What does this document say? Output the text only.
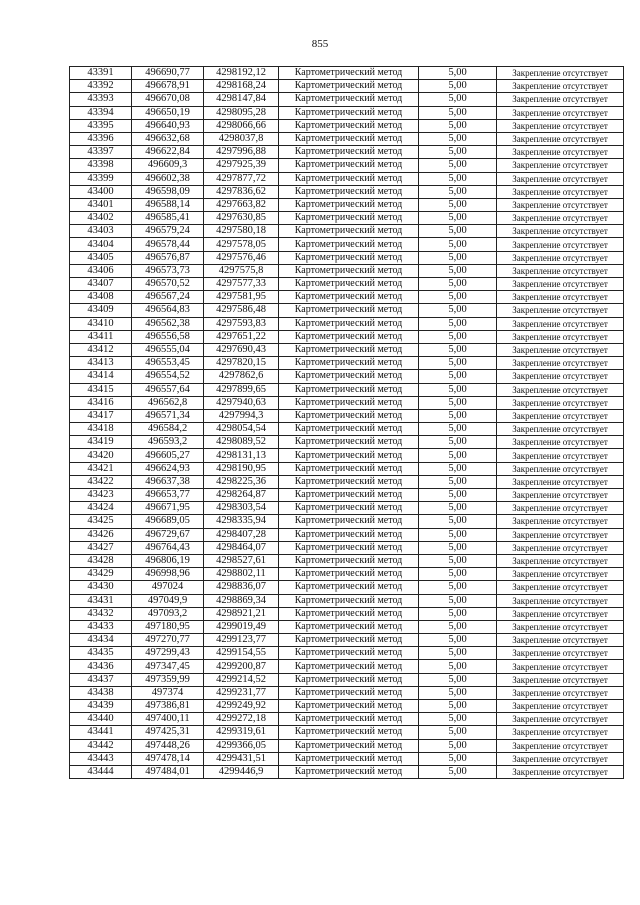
855
43391	496690,77	4298192,12	Картометрический метод	5,00	Закрепление отсутствует
43392	496678,91	4298168,24	Картометрический метод	5,00	Закрепление отсутствует
43393	496670,08	4298147,84	Картометрический метод	5,00	Закрепление отсутствует
43394	496650,19	4298095,28	Картометрический метод	5,00	Закрепление отсутствует
43395	496640,93	4298066,66	Картометрический метод	5,00	Закрепление отсутствует
43396	496632,68	4298037,8	Картометрический метод	5,00	Закрепление отсутствует
43397	496622,84	4297996,88	Картометрический метод	5,00	Закрепление отсутствует
43398	496609,3	4297925,39	Картометрический метод	5,00	Закрепление отсутствует
43399	496602,38	4297877,72	Картометрический метод	5,00	Закрепление отсутствует
43400	496598,09	4297836,62	Картометрический метод	5,00	Закрепление отсутствует
43401	496588,14	4297663,82	Картометрический метод	5,00	Закрепление отсутствует
43402	496585,41	4297630,85	Картометрический метод	5,00	Закрепление отсутствует
43403	496579,24	4297580,18	Картометрический метод	5,00	Закрепление отсутствует
43404	496578,44	4297578,05	Картометрический метод	5,00	Закрепление отсутствует
43405	496576,87	4297576,46	Картометрический метод	5,00	Закрепление отсутствует
43406	496573,73	4297575,8	Картометрический метод	5,00	Закрепление отсутствует
43407	496570,52	4297577,33	Картометрический метод	5,00	Закрепление отсутствует
43408	496567,24	4297581,95	Картометрический метод	5,00	Закрепление отсутствует
43409	496564,83	4297586,48	Картометрический метод	5,00	Закрепление отсутствует
43410	496562,38	4297593,83	Картометрический метод	5,00	Закрепление отсутствует
43411	496556,58	4297651,22	Картометрический метод	5,00	Закрепление отсутствует
43412	496555,04	4297690,43	Картометрический метод	5,00	Закрепление отсутствует
43413	496553,45	4297820,15	Картометрический метод	5,00	Закрепление отсутствует
43414	496554,52	4297862,6	Картометрический метод	5,00	Закрепление отсутствует
43415	496557,64	4297899,65	Картометрический метод	5,00	Закрепление отсутствует
43416	496562,8	4297940,63	Картометрический метод	5,00	Закрепление отсутствует
43417	496571,34	4297994,3	Картометрический метод	5,00	Закрепление отсутствует
43418	496584,2	4298054,54	Картометрический метод	5,00	Закрепление отсутствует
43419	496593,2	4298089,52	Картометрический метод	5,00	Закрепление отсутствует
43420	496605,27	4298131,13	Картометрический метод	5,00	Закрепление отсутствует
43421	496624,93	4298190,95	Картометрический метод	5,00	Закрепление отсутствует
43422	496637,38	4298225,36	Картометрический метод	5,00	Закрепление отсутствует
43423	496653,77	4298264,87	Картометрический метод	5,00	Закрепление отсутствует
43424	496671,95	4298303,54	Картометрический метод	5,00	Закрепление отсутствует
43425	496689,05	4298335,94	Картометрический метод	5,00	Закрепление отсутствует
43426	496729,67	4298407,28	Картометрический метод	5,00	Закрепление отсутствует
43427	496764,43	4298464,07	Картометрический метод	5,00	Закрепление отсутствует
43428	496806,19	4298527,61	Картометрический метод	5,00	Закрепление отсутствует
43429	496998,96	4298802,11	Картометрический метод	5,00	Закрепление отсутствует
43430	497024	4298836,07	Картометрический метод	5,00	Закрепление отсутствует
43431	497049,9	4298869,34	Картометрический метод	5,00	Закрепление отсутствует
43432	497093,2	4298921,21	Картометрический метод	5,00	Закрепление отсутствует
43433	497180,95	4299019,49	Картометрический метод	5,00	Закрепление отсутствует
43434	497270,77	4299123,77	Картометрический метод	5,00	Закрепление отсутствует
43435	497299,43	4299154,55	Картометрический метод	5,00	Закрепление отсутствует
43436	497347,45	4299200,87	Картометрический метод	5,00	Закрепление отсутствует
43437	497359,99	4299214,52	Картометрический метод	5,00	Закрепление отсутствует
43438	497374	4299231,77	Картометрический метод	5,00	Закрепление отсутствует
43439	497386,81	4299249,92	Картометрический метод	5,00	Закрепление отсутствует
43440	497400,11	4299272,18	Картометрический метод	5,00	Закрепление отсутствует
43441	497425,31	4299319,61	Картометрический метод	5,00	Закрепление отсутствует
43442	497448,26	4299366,05	Картометрический метод	5,00	Закрепление отсутствует
43443	497478,14	4299431,51	Картометрический метод	5,00	Закрепление отсутствует
43444	497484,01	4299446,9	Картометрический метод	5,00	Закрепление отсутствует
